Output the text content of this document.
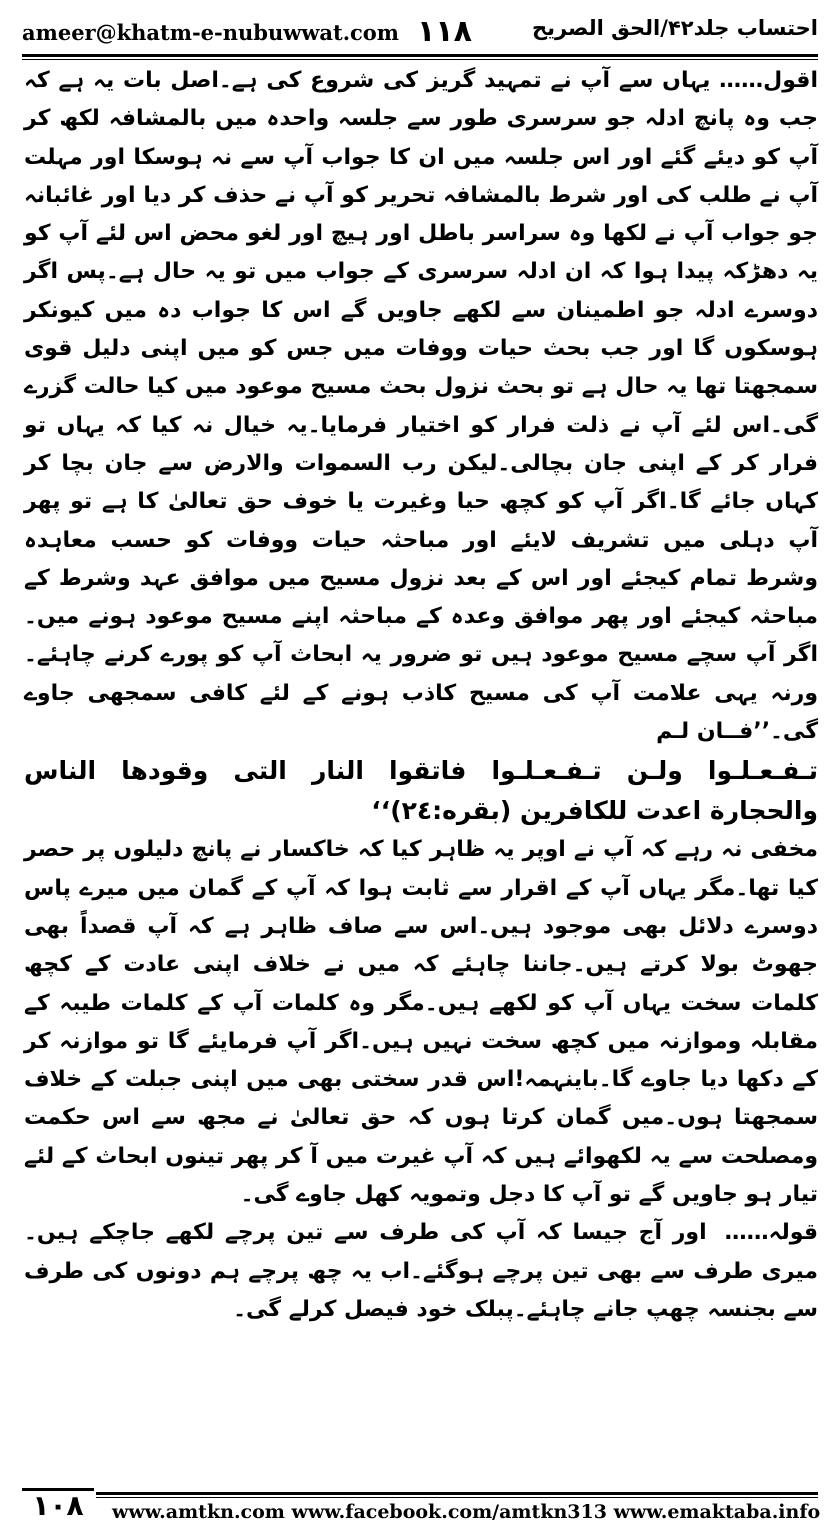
ameer@khatm-e-nubuwwat.com ۱۱۸	احتساب جلد۴۲/الحق الصریح

اقول…… یہاں سے آپ نے تمہید گریز کی شروع کی ہے۔اصل بات یہ ہے کہ جب وہ پانچ ادلہ جو سرسری طور سے جلسہ واحدہ میں بالمشافہ لکھ کر آپ کو دیئے گئے اور اس جلسہ میں ان کا جواب آپ سے نہ ہوسکا اور مہلت آپ نے طلب کی اور شرط بالمشافہ تحریر کو آپ نے حذف کر دیا اور غائبانہ جو جواب آپ نے لکھا وہ سراسر باطل اور ہیچ اور لغو محض اس لئے آپ کو یہ دھڑکہ پیدا ہوا کہ ان ادلہ سرسری کے جواب میں تو یہ حال ہے۔پس اگر دوسرے ادلہ جو اطمینان سے لکھے جاویں گے اس کا جواب دہ میں کیونکر ہوسکوں گا اور جب بحث حیات ووفات میں جس کو میں اپنی دلیل قوی سمجھتا تھا یہ حال ہے تو بحث نزول بحث مسیح موعود میں کیا حالت گزرے گی۔اس لئے آپ نے ذلت فرار کو اختیار فرمایا۔یہ خیال نہ کیا کہ یہاں تو فرار کر کے اپنی جان بچالی۔لیکن رب السموات والارض سے جان بچا کر کہاں جائے گا۔اگر آپ کو کچھ حیا وغیرت یا خوف حق تعالیٰ کا ہے تو پھر آپ دہلی میں تشریف لایئے اور مباحثہ حیات ووفات کو حسب معاہدہ وشرط تمام کیجئے اور اس کے بعد نزول مسیح میں موافق عہد وشرط کے مباحثہ کیجئے اور پھر موافق وعدہ کے مباحثہ اپنے مسیح موعود ہونے میں۔اگر آپ سچے مسیح موعود ہیں تو ضرور یہ ابحاث آپ کو پورے کرنے چاہئے۔ورنہ یہی علامت آپ کی مسیح کاذب ہونے کے لئے کافی سمجھی جاوے گی۔’’فــان لـم

تـفـعـلـوا ولـن تـفـعـلـوا فاتقوا النار التی وقودها الناس والحجارة اعدت للکافرین (بقره:۲٤)‘‘

مخفی نہ رہے کہ آپ نے اوپر یہ ظاہر کیا کہ خاکسار نے پانچ دلیلوں پر حصر کیا تھا۔مگر یہاں آپ کے اقرار سے ثابت ہوا کہ آپ کے گمان میں میرے پاس دوسرے دلائل بھی موجود ہیں۔اس سے صاف ظاہر ہے کہ آپ قصداً بھی جھوٹ بولا کرتے ہیں۔جاننا چاہئے کہ میں نے خلاف اپنی عادت کے کچھ کلمات سخت یہاں آپ کو لکھے ہیں۔مگر وہ کلمات آپ کے کلمات طیبہ کے مقابلہ وموازنہ میں کچھ سخت نہیں ہیں۔اگر آپ فرمایئے گا تو موازنہ کر کے دکھا دیا جاوے گا۔باینہمہ!اس قدر سختی بھی میں اپنی جبلت کے خلاف سمجھتا ہوں۔میں گمان کرتا ہوں کہ حق تعالیٰ نے مجھ سے اس حکمت ومصلحت سے یہ لکھوائے ہیں کہ آپ غیرت میں آ کر پھر تینوں ابحاث کے لئے تیار ہو جاویں گے تو آپ کا دجل وتمویہ کھل جاوے گی۔

قولہ……اور آج جیسا کہ آپ کی طرف سے تین پرچے لکھے جاچکے ہیں۔میری طرف سے بھی تین پرچے ہوگئے۔اب یہ چھ پرچے ہم دونوں کی طرف سے بجنسہ چھپ جانے چاہئے۔پبلک خود فیصل کرلے گی۔

۱۰۸	www.amtkn.com www.facebook.com/amtkn313 www.emaktaba.info
